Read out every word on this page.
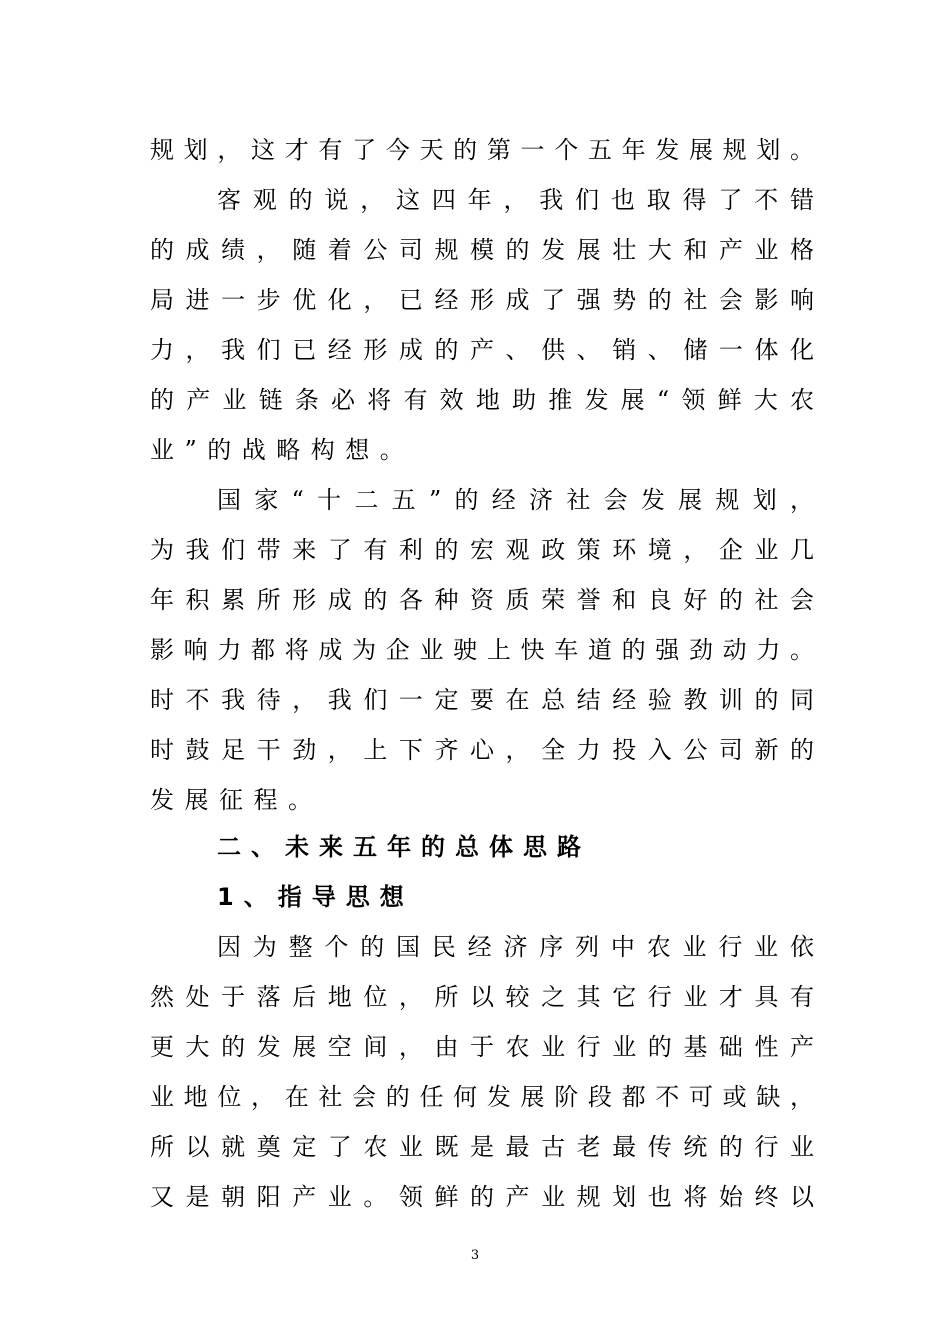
规划，这才有了今天的第一个五年发展规划。
客观的说，这四年，我们也取得了不错
的成绩，随着公司规模的发展壮大和产业格
局进一步优化，已经形成了强势的社会影响
力，我们已经形成的产、供、销、储一体化
的产业链条必将有效地助推发展“领鲜大农
业”的战略构想。
国家“十二五”的经济社会发展规划，
为我们带来了有利的宏观政策环境，企业几
年积累所形成的各种资质荣誉和良好的社会
影响力都将成为企业驶上快车道的强劲动力。
时不我待，我们一定要在总结经验教训的同
时鼓足干劲，上下齐心，全力投入公司新的
发展征程。
二、未来五年的总体思路
1、指导思想
因为整个的国民经济序列中农业行业依
然处于落后地位，所以较之其它行业才具有
更大的发展空间，由于农业行业的基础性产
业地位，在社会的任何发展阶段都不可或缺，
所以就奠定了农业既是最古老最传统的行业
又是朝阳产业。领鲜的产业规划也将始终以
3
